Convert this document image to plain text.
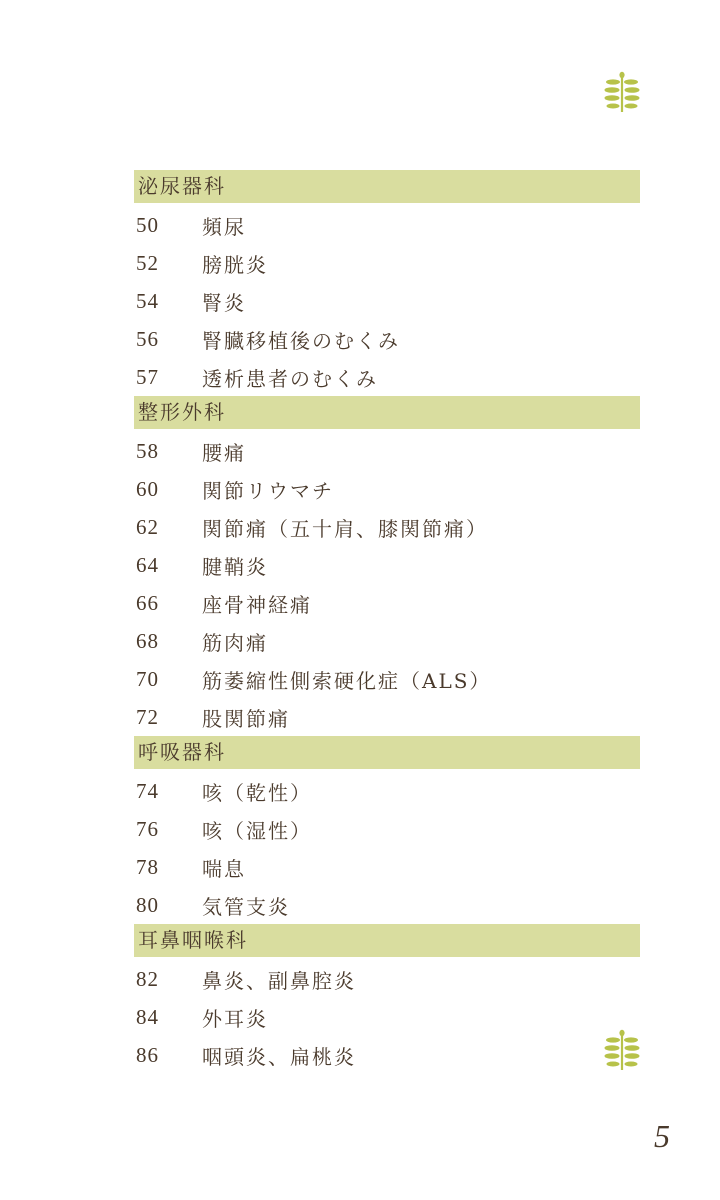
泌尿器科
50	頻尿
52	膀胱炎
54	腎炎
56	腎臓移植後のむくみ
57	透析患者のむくみ
整形外科
58	腰痛
60	関節リウマチ
62	関節痛（五十肩、膝関節痛）
64	腱鞘炎
66	座骨神経痛
68	筋肉痛
70	筋萎縮性側索硬化症（ALS）
72	股関節痛
呼吸器科
74	咳（乾性）
76	咳（湿性）
78	喘息
80	気管支炎
耳鼻咽喉科
82	鼻炎、副鼻腔炎
84	外耳炎
86	咽頭炎、扁桃炎
5
